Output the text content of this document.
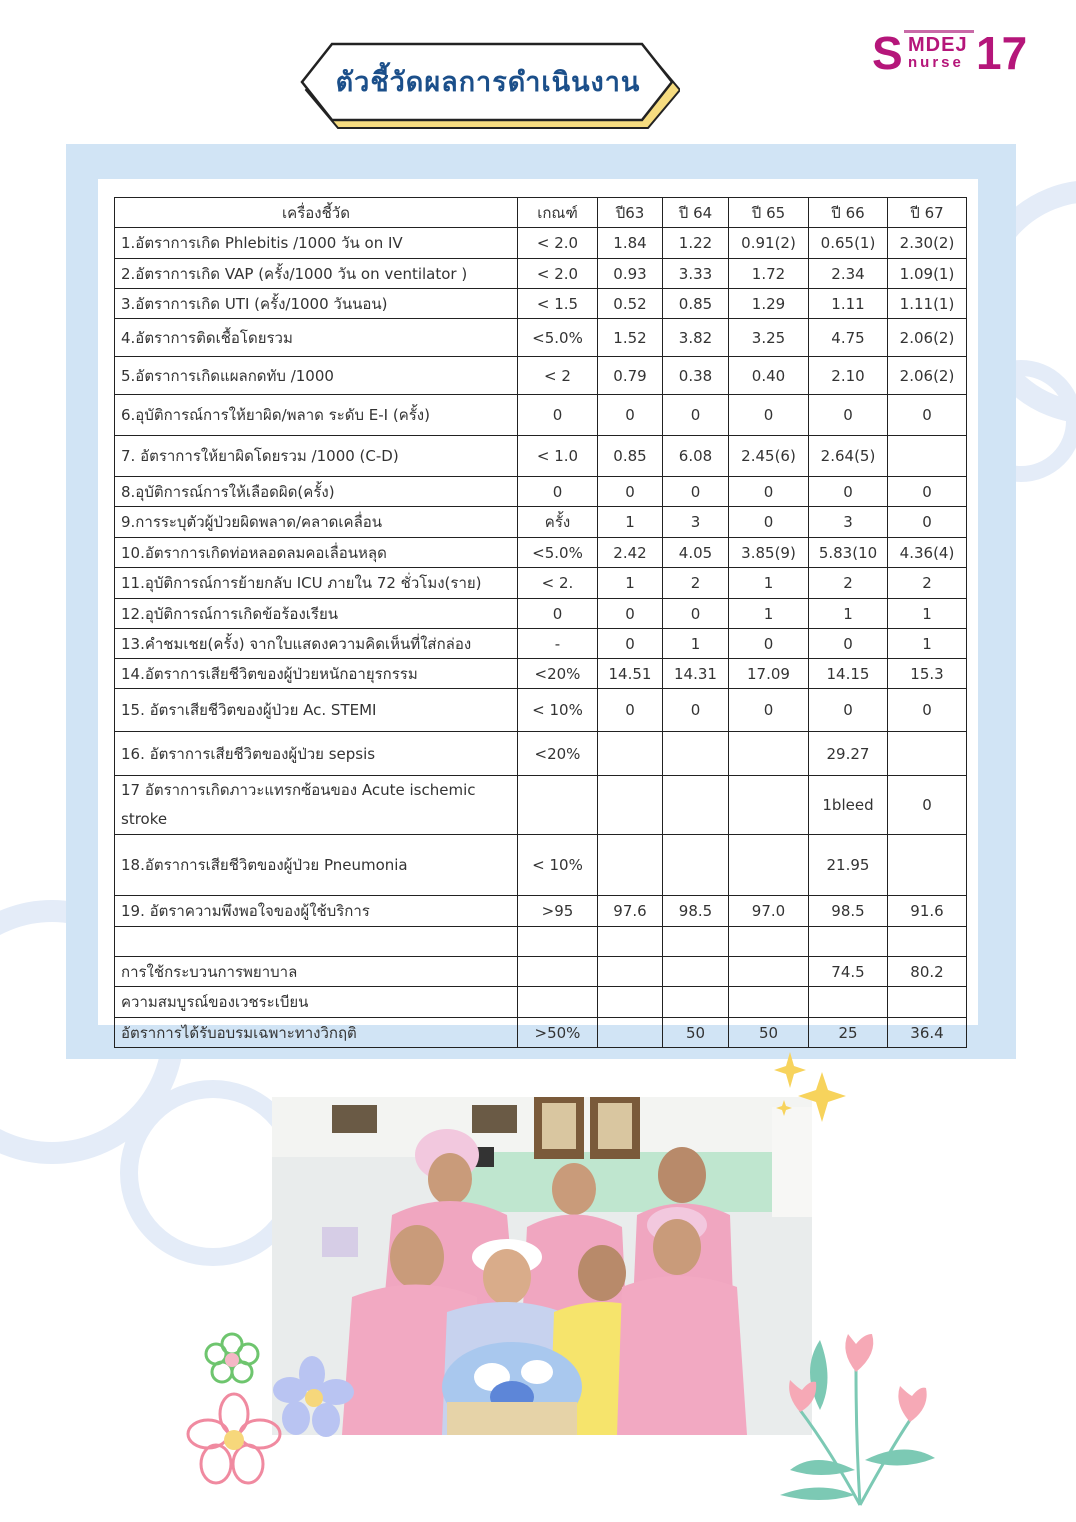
ตัวชี้วัดผลการดำเนินงาน
S MDEJ
nurse 17
เครื่องชี้วัด	เกณฑ์	ปี63	ปี 64	ปี 65	ปี 66	ปี 67
1.อัตราการเกิด Phlebitis /1000 วัน on IV	< 2.0	1.84	1.22	0.91(2)	0.65(1)	2.30(2)
2.อัตราการเกิด VAP (ครั้ง/1000 วัน on ventilator )	< 2.0	0.93	3.33	1.72	2.34	1.09(1)
3.อัตราการเกิด UTI (ครั้ง/1000 วันนอน)	< 1.5	0.52	0.85	1.29	1.11	1.11(1)
4.อัตราการติดเชื้อโดยรวม	<5.0%	1.52	3.82	3.25	4.75	2.06(2)
5.อัตราการเกิดแผลกดทับ /1000	< 2	0.79	0.38	0.40	2.10	2.06(2)
6.อุบัติการณ์การให้ยาผิด/พลาด ระดับ E-I (ครั้ง)	0	0	0	0	0	0
7. อัตราการให้ยาผิดโดยรวม /1000 (C-D)	< 1.0	0.85	6.08	2.45(6)	2.64(5)	
8.อุบัติการณ์การให้เลือดผิด(ครั้ง)	0	0	0	0	0	0
9.การระบุตัวผู้ป่วยผิดพลาด/คลาดเคลื่อน	ครั้ง	1	3	0	3	0
10.อัตราการเกิดท่อหลอดลมคอเลื่อนหลุด	<5.0%	2.42	4.05	3.85(9)	5.83(10	4.36(4)
11.อุบัติการณ์การย้ายกลับ ICU ภายใน 72 ชั่วโมง(ราย)	< 2.	1	2	1	2	2
12.อุบัติการณ์การเกิดข้อร้องเรียน	0	0	0	1	1	1
13.คำชมเชย(ครั้ง) จากใบแสดงความคิดเห็นที่ใส่กล่อง	-	0	1	0	0	1
14.อัตราการเสียชีวิตของผู้ป่วยหนักอายุรกรรม	<20%	14.51	14.31	17.09	14.15	15.3
15. อัตราเสียชีวิตของผู้ป่วย Ac. STEMI	< 10%	0	0	0	0	0
16. อัตราการเสียชีวิตของผู้ป่วย sepsis	<20%				29.27	
17 อัตราการเกิดภาวะแทรกซ้อนของ Acute ischemic stroke					1bleed	0
18.อัตราการเสียชีวิตของผู้ป่วย Pneumonia	< 10%				21.95	
19. อัตราความพึงพอใจของผู้ใช้บริการ	>95	97.6	98.5	97.0	98.5	91.6

การใช้กระบวนการพยาบาล					74.5	80.2
ความสมบูรณ์ของเวชระเบียน						
อัตราการได้รับอบรมเฉพาะทางวิกฤติ	>50%		50	50	25	36.4
